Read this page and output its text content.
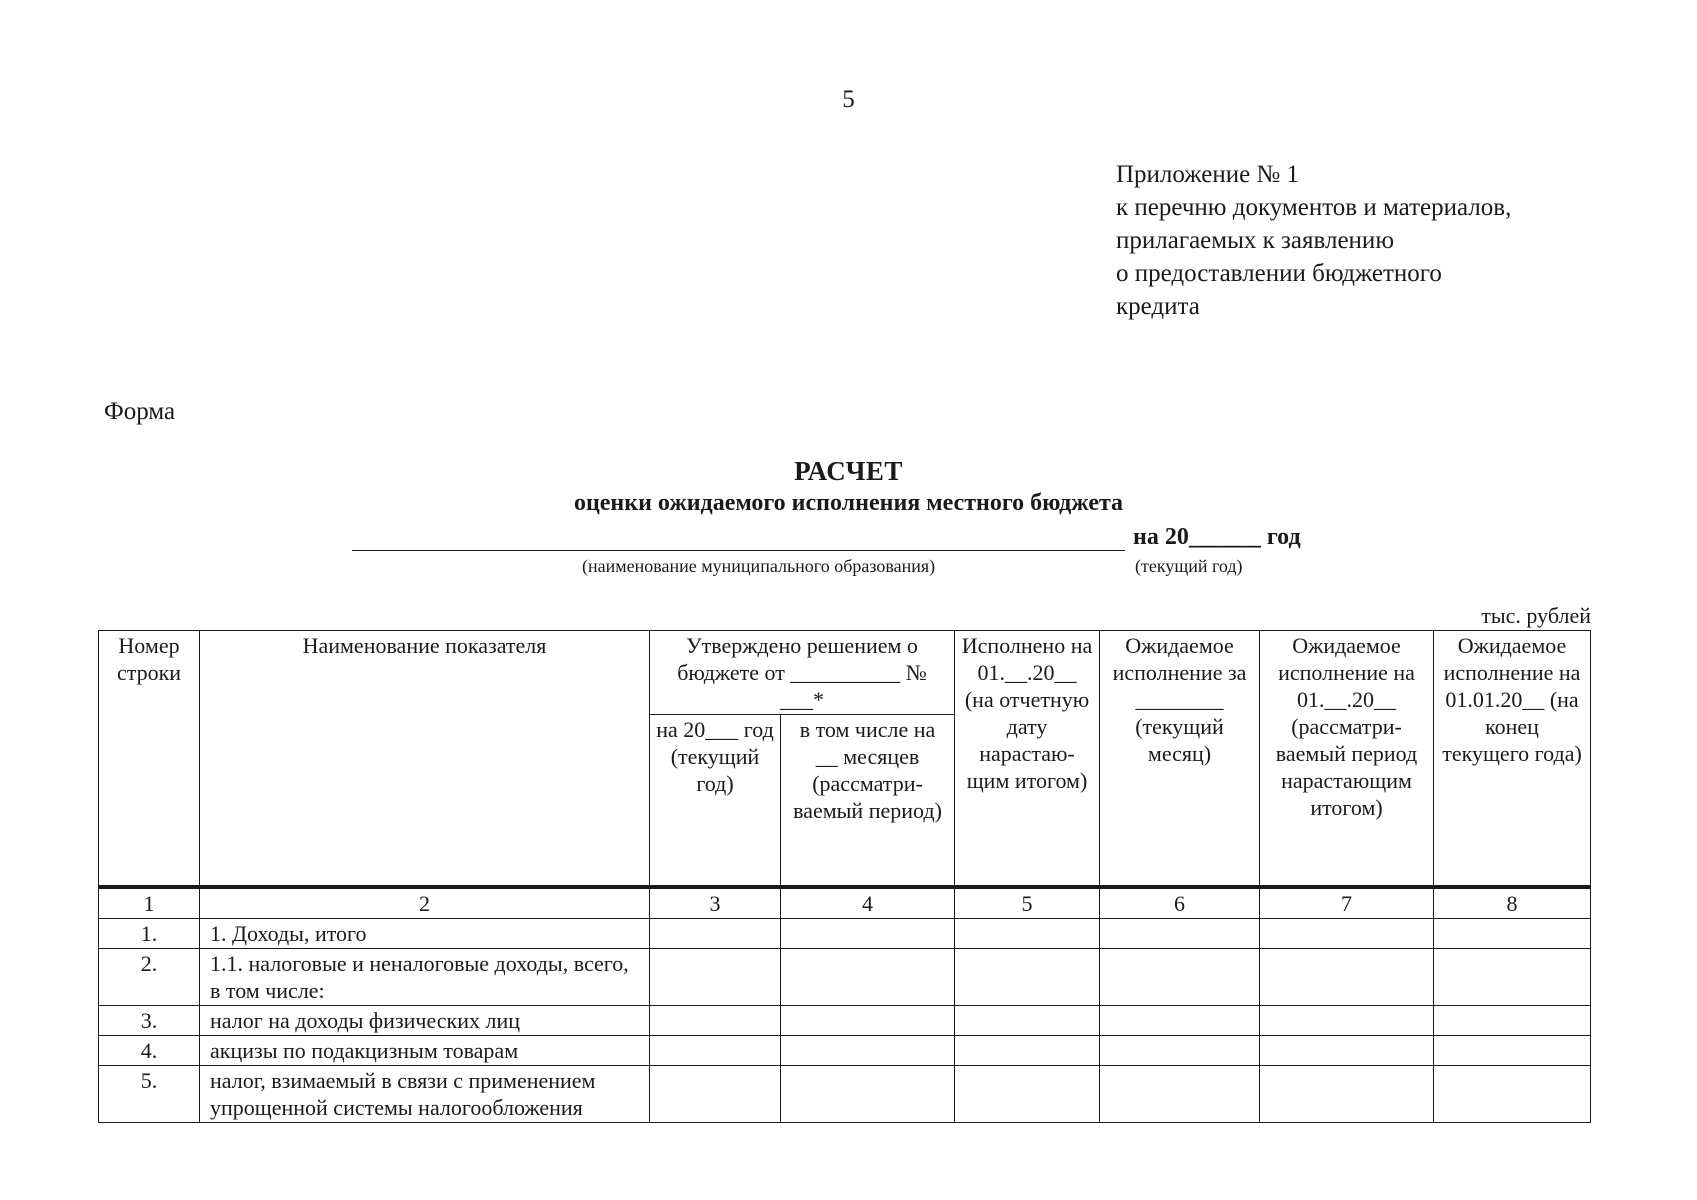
5
Приложение № 1
к перечню документов и материалов,
прилагаемых к заявлению
о предоставлении бюджетного
кредита
Форма
РАСЧЕТ
оценки ожидаемого исполнения местного бюджета
на 20______ год
(наименование муниципального образования)	(текущий год)
тыс. рублей
Номер строки	Наименование показателя	Утверждено решением о бюджете от __________ № ___*		Исполнено на 01.__.20__ (на отчетную дату нарастаю-щим итогом)	Ожидаемое исполнение за ________ (текущий месяц)	Ожидаемое исполнение на 01.__.20__ (рассматри-ваемый период нарастающим итогом)	Ожидаемое исполнение на 01.01.20__ (на конец текущего года)
		на 20___ год (текущий год)	в том числе на __ месяцев (рассматри-ваемый период)				
1	2	3	4	5	6	7	8
1.	1. Доходы, итого						
2.	1.1. налоговые и неналоговые доходы, всего, в том числе:						
3.	налог на доходы физических лиц						
4.	акцизы по подакцизным товарам						
5.	налог, взимаемый в связи с применением упрощенной системы налогообложения						
